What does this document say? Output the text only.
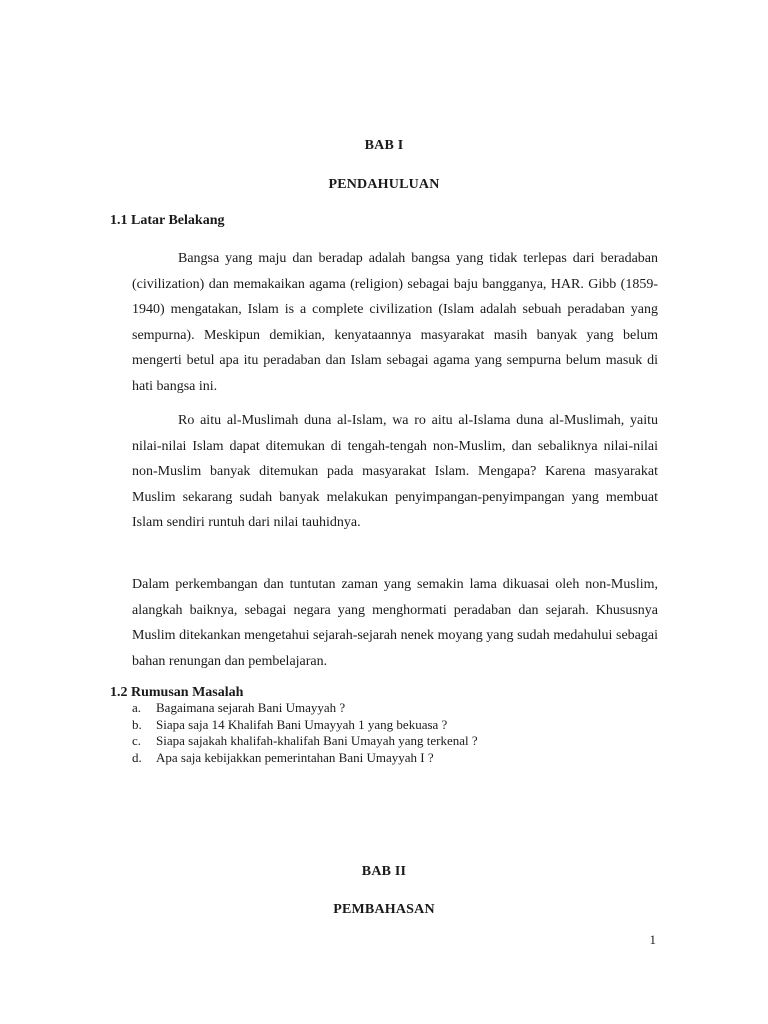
BAB I
PENDAHULUAN
1.1 Latar Belakang

Bangsa yang maju dan beradap adalah bangsa yang tidak terlepas dari beradaban (civilization) dan memakaikan agama (religion) sebagai baju bangganya, HAR. Gibb (1859-1940) mengatakan, Islam is a complete civilization (Islam adalah sebuah peradaban yang sempurna). Meskipun demikian, kenyataannya masyarakat masih banyak yang belum mengerti betul apa itu peradaban dan Islam sebagai agama yang sempurna belum masuk di hati bangsa ini.

Ro aitu al-Muslimah duna al-Islam, wa ro aitu al-Islama duna al-Muslimah, yaitu nilai-nilai Islam dapat ditemukan di tengah-tengah non-Muslim, dan sebaliknya nilai-nilai non-Muslim banyak ditemukan pada masyarakat Islam. Mengapa? Karena masyarakat Muslim sekarang sudah banyak melakukan penyimpangan-penyimpangan yang membuat Islam sendiri runtuh dari nilai tauhidnya.

Dalam perkembangan dan tuntutan zaman yang semakin lama dikuasai oleh non-Muslim, alangkah baiknya, sebagai negara yang menghormati peradaban dan sejarah. Khususnya Muslim ditekankan mengetahui sejarah-sejarah nenek moyang yang sudah medahului sebagai bahan renungan dan pembelajaran.

1.2 Rumusan Masalah
a.	Bagaimana sejarah Bani Umayyah ?
b.	Siapa saja 14 Khalifah Bani Umayyah 1 yang bekuasa ?
c.	Siapa sajakah khalifah-khalifah Bani Umayah yang terkenal ?
d.	Apa saja kebijakkan pemerintahan Bani Umayyah I ?
BAB II
PEMBAHASAN
1
